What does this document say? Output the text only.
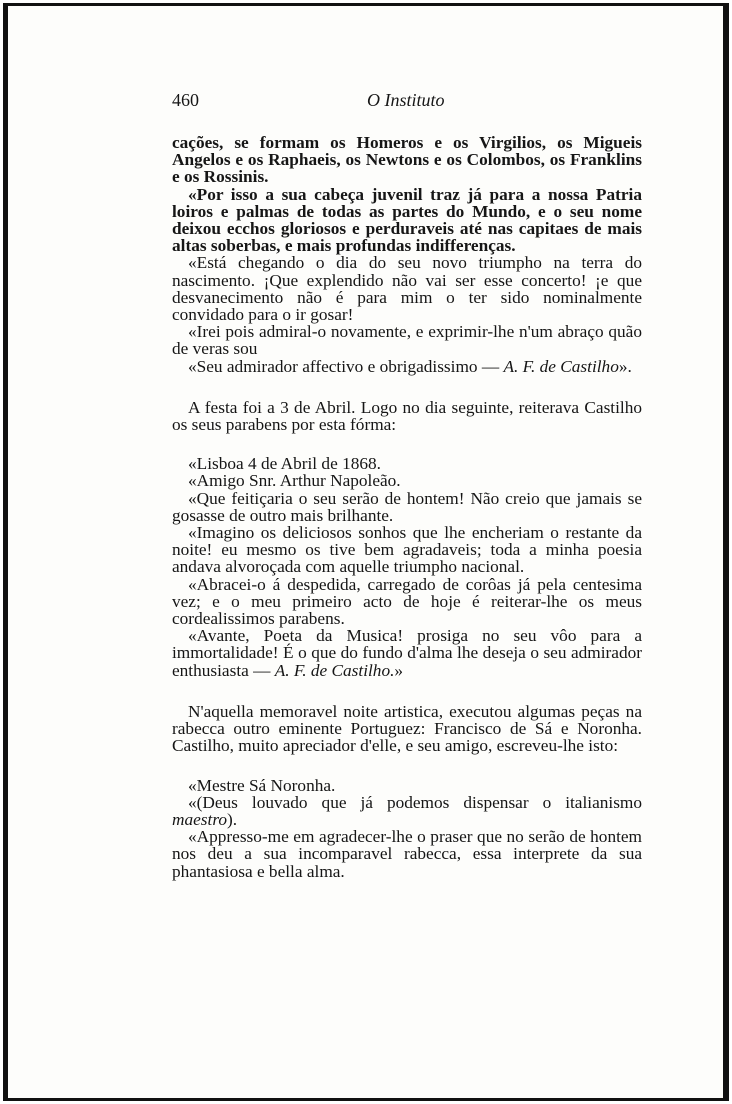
460	O Instituto

cações, se formam os Homeros e os Virgilios, os Migueis Angelos e os Raphaeis, os Newtons e os Colombos, os Franklins e os Rossinis.

«Por isso a sua cabeça juvenil traz já para a nossa Patria loiros e palmas de todas as partes do Mundo, e o seu nome deixou ecchos gloriosos e perduraveis até nas capitaes de mais altas soberbas, e mais profundas indifferenças.

«Está chegando o dia do seu novo triumpho na terra do nascimento. ¡Que explendido não vai ser esse concerto! ¡e que desvanecimento não é para mim o ter sido nominalmente convidado para o ir gosar!

«Irei pois admiral-o novamente, e exprimir-lhe n'um abraço quão de veras sou

«Seu admirador affectivo e obrigadissimo — A. F. de Castilho».

A festa foi a 3 de Abril. Logo no dia seguinte, reiterava Castilho os seus parabens por esta fórma:

«Lisboa 4 de Abril de 1868.

«Amigo Snr. Arthur Napoleão.

«Que feitiçaria o seu serão de hontem! Não creio que jamais se gosasse de outro mais brilhante.

«Imagino os deliciosos sonhos que lhe encheriam o restante da noite! eu mesmo os tive bem agradaveis; toda a minha poesia andava alvoroçada com aquelle triumpho nacional.

«Abracei-o á despedida, carregado de corôas já pela centesima vez; e o meu primeiro acto de hoje é reiterar-lhe os meus cordealissimos parabens.

«Avante, Poeta da Musica! prosiga no seu vôo para a immortalidade! É o que do fundo d'alma lhe deseja o seu admirador enthusiasta — A. F. de Castilho.»

N'aquella memoravel noite artistica, executou algumas peças na rabecca outro eminente Portuguez: Francisco de Sá e Noronha. Castilho, muito apreciador d'elle, e seu amigo, escreveu-lhe isto:

«Mestre Sá Noronha.

«(Deus louvado que já podemos dispensar o italianismo maestro).

«Appresso-me em agradecer-lhe o praser que no serão de hontem nos deu a sua incomparavel rabecca, essa interprete da sua phantasiosa e bella alma.
